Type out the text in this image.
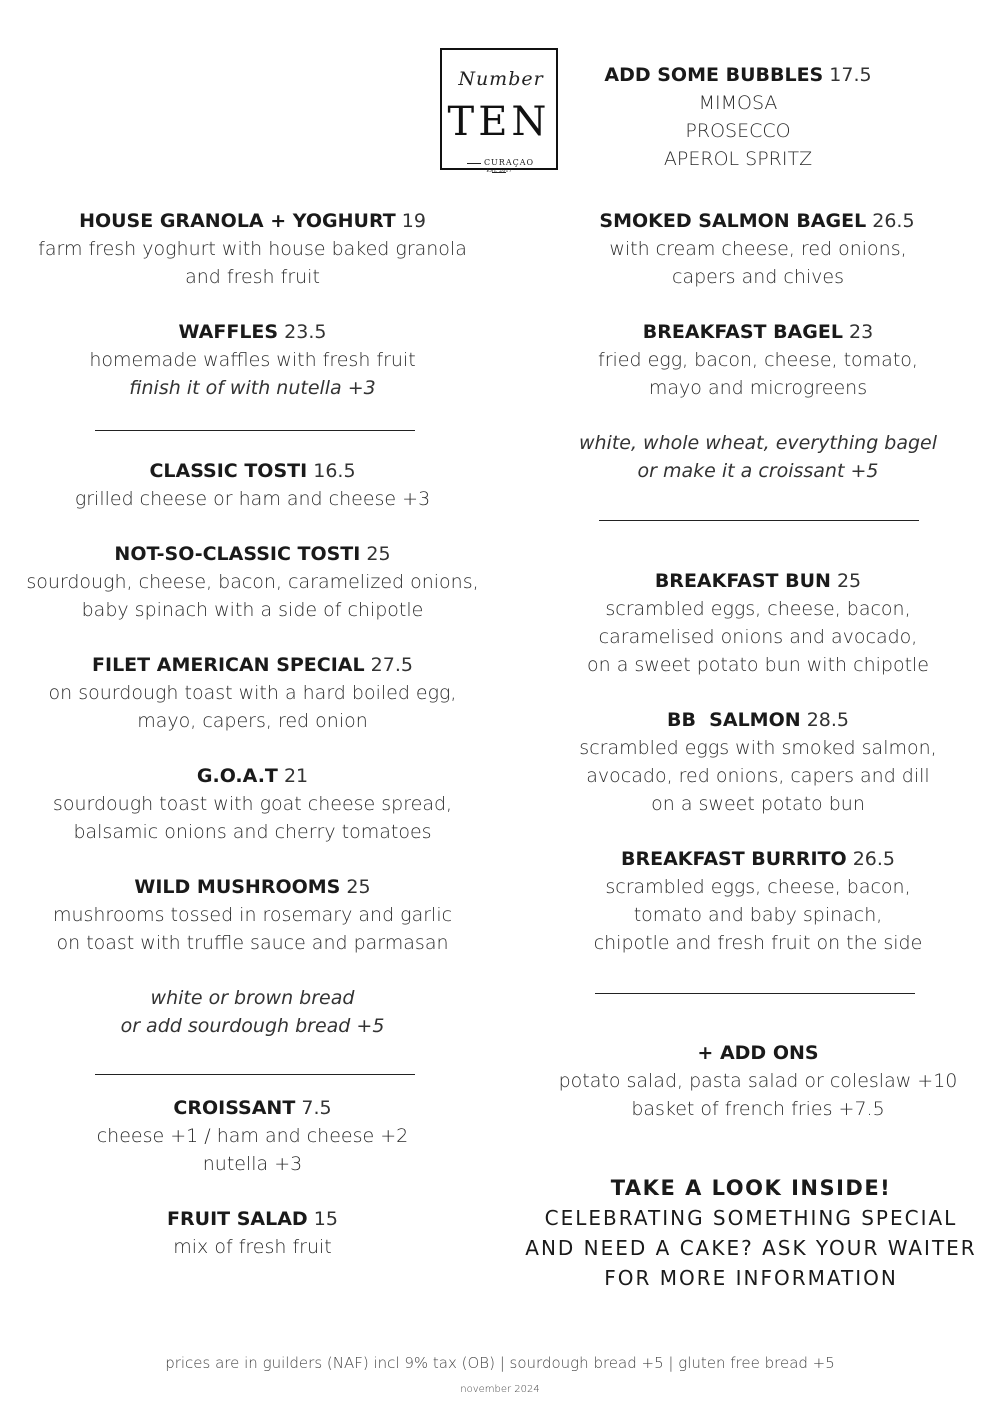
Number
TEN
CURAÇAO
EST. 2017
HOUSE GRANOLA + YOGHURT 19
farm fresh yoghurt with house baked granola
and fresh fruit
WAFFLES 23.5
homemade waffles with fresh fruit
finish it of with nutella +3
CLASSIC TOSTI 16.5
grilled cheese or ham and cheese +3
NOT-SO-CLASSIC TOSTI 25
sourdough, cheese, bacon, caramelized onions,
baby spinach with a side of chipotle
FILET AMERICAN SPECIAL 27.5
on sourdough toast with a hard boiled egg,
mayo, capers, red onion
G.O.A.T 21
sourdough toast with goat cheese spread,
balsamic onions and cherry tomatoes
WILD MUSHROOMS 25
mushrooms tossed in rosemary and garlic
on toast with truffle sauce and parmasan
white or brown bread
or add sourdough bread +5
CROISSANT 7.5
cheese +1 / ham and cheese +2
nutella +3
FRUIT SALAD 15
mix of fresh fruit
ADD SOME BUBBLES 17.5
MIMOSA
PROSECCO
APEROL SPRITZ
SMOKED SALMON BAGEL 26.5
with cream cheese, red onions,
capers and chives
BREAKFAST BAGEL 23
fried egg, bacon, cheese, tomato,
mayo and microgreens
white, whole wheat, everything bagel
or make it a croissant +5
BREAKFAST BUN 25
scrambled eggs, cheese, bacon,
caramelised onions and avocado,
on a sweet potato bun with chipotle
BB  SALMON 28.5
scrambled eggs with smoked salmon,
avocado, red onions, capers and dill
on a sweet potato bun
BREAKFAST BURRITO 26.5
scrambled eggs, cheese, bacon,
tomato and baby spinach,
chipotle and fresh fruit on the side
+ ADD ONS
potato salad, pasta salad or coleslaw +10
basket of french fries +7.5
TAKE A LOOK INSIDE!
CELEBRATING SOMETHING SPECIAL
AND NEED A CAKE? ASK YOUR WAITER
FOR MORE INFORMATION
prices are in guilders (NAF) incl 9% tax (OB) | sourdough bread +5 | gluten free bread +5
november 2024
